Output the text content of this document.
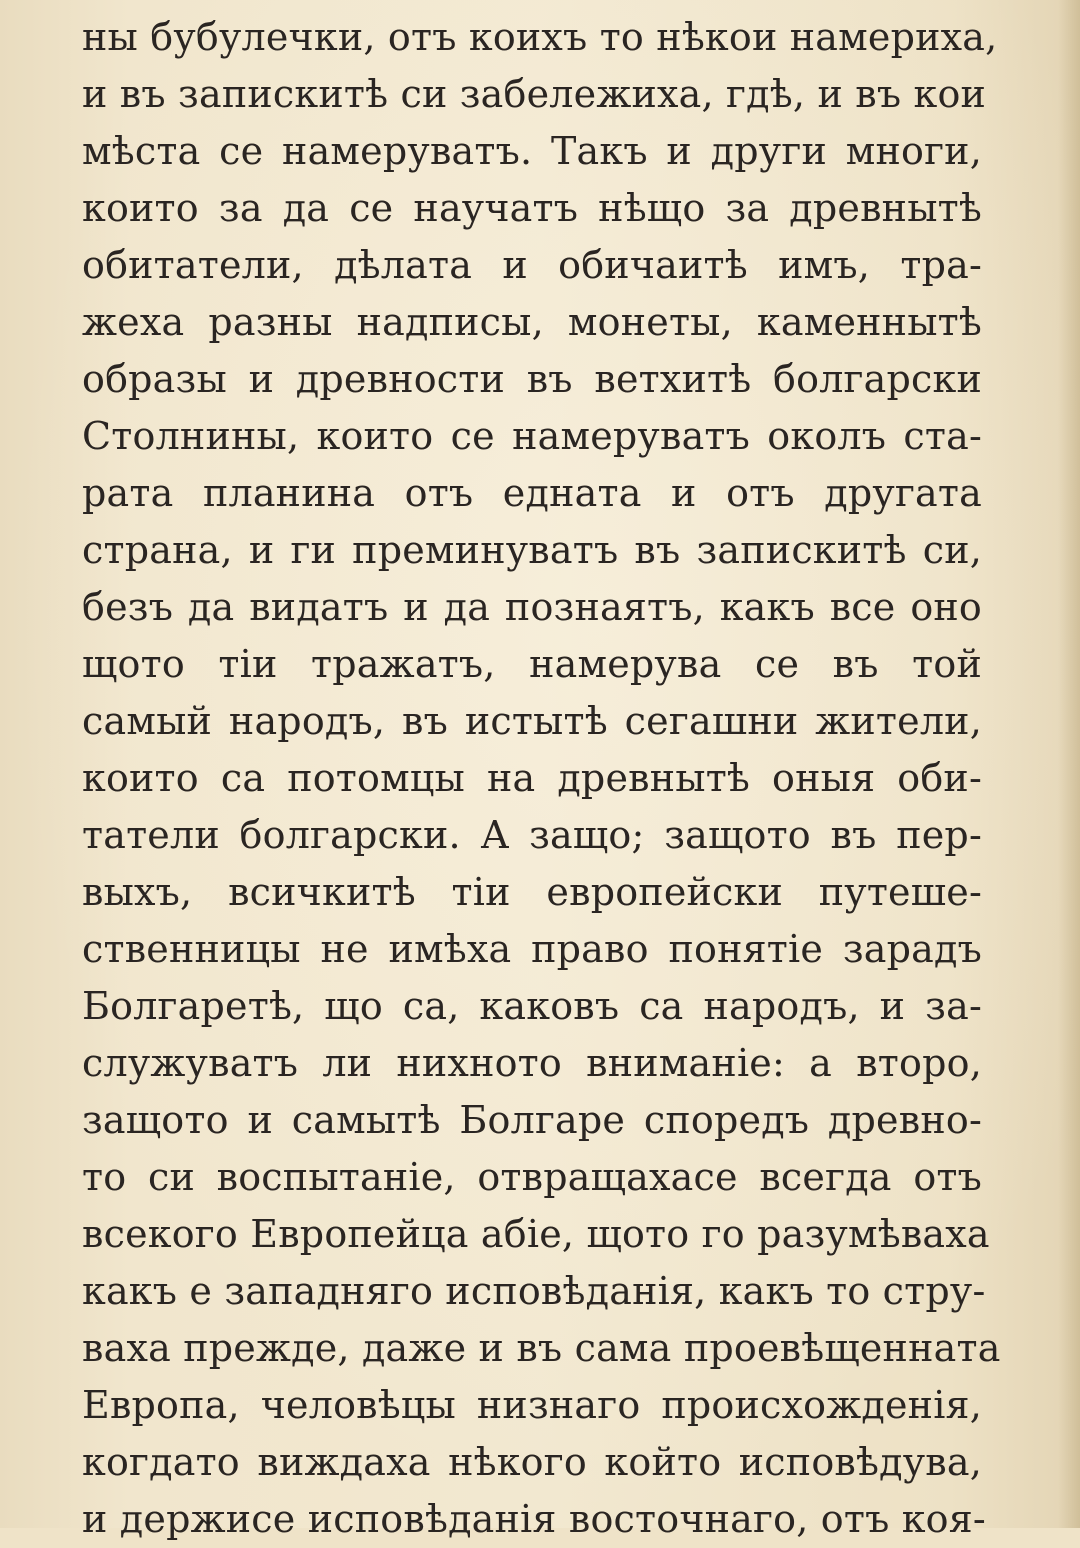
ны бубулечки, отъ коихъ то нѣкои намериха,
и въ запискитѣ си забележиха, гдѣ, и въ кои
мѣста се намеруватъ. Такъ и други многи,
които за да се научатъ нѣщо за древнытѣ
обитатели, дѣлата и обичаитѣ имъ, тра-
жеха разны надписы, монеты, каменнытѣ
образы и древности въ ветхитѣ болгарски
Столнины, които се намеруватъ околъ ста-
рата планина отъ едната и отъ другата
страна, и ги преминуватъ въ запискитѣ си,
безъ да видатъ и да познаятъ, какъ все оно
щото тіи тражатъ, намерува се въ той
самый народъ, въ истытѣ сегашни жители,
които са потомцы на древнытѣ оныя оби-
татели болгарски. А защо; защото въ пер-
выхъ, всичкитѣ тіи европейски путеше-
ственницы не имѣха право понятіе зарадъ
Болгаретѣ, що са, каковъ са народъ, и за-
служуватъ ли нихното вниманіе: а второ,
защото и самытѣ Болгаре споредъ древно-
то си воспытаніе, отвращахасе всегда отъ
всекого Европейца абіе, щото го разумѣваха
какъ е западняго исповѣданія, какъ то стру-
ваха прежде, даже и въ сама проевѣщенната
Европа, человѣцы низнаго происхожденія,
когдато виждаха нѣкого който исповѣдува,
и держисе исповѣданія восточнаго, отъ коя-
